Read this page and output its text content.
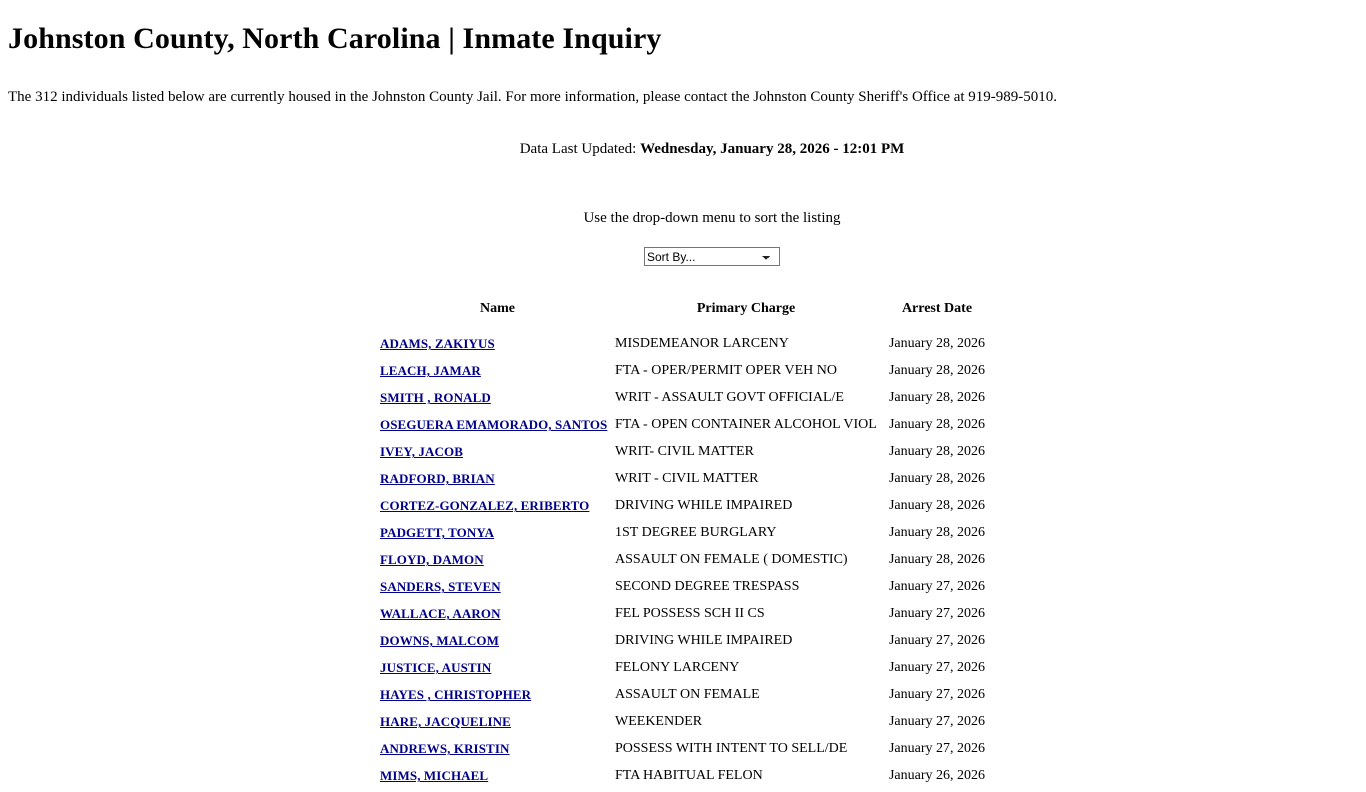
Johnston County, North Carolina | Inmate Inquiry

The 312 individuals listed below are currently housed in the Johnston County Jail. For more information, please contact the Johnston County Sheriff's Office at 919-989-5010.

Data Last Updated: Wednesday, January 28, 2026 - 12:01 PM

Use the drop-down menu to sort the listing
Sort By...
Name	Primary Charge	Arrest Date
ADAMS, ZAKIYUS	MISDEMEANOR LARCENY	January 28, 2026
LEACH, JAMAR	FTA - OPER/PERMIT OPER VEH NO	January 28, 2026
SMITH , RONALD	WRIT - ASSAULT GOVT OFFICIAL/E	January 28, 2026
OSEGUERA EMAMORADO, SANTOS	FTA - OPEN CONTAINER ALCOHOL VIOL	January 28, 2026
IVEY, JACOB	WRIT- CIVIL MATTER	January 28, 2026
RADFORD, BRIAN	WRIT - CIVIL MATTER	January 28, 2026
CORTEZ-GONZALEZ, ERIBERTO	DRIVING WHILE IMPAIRED	January 28, 2026
PADGETT, TONYA	1ST DEGREE BURGLARY	January 28, 2026
FLOYD, DAMON	ASSAULT ON FEMALE ( DOMESTIC)	January 28, 2026
SANDERS, STEVEN	SECOND DEGREE TRESPASS	January 27, 2026
WALLACE, AARON	FEL POSSESS SCH II CS	January 27, 2026
DOWNS, MALCOM	DRIVING WHILE IMPAIRED	January 27, 2026
JUSTICE, AUSTIN	FELONY LARCENY	January 27, 2026
HAYES , CHRISTOPHER	ASSAULT ON FEMALE	January 27, 2026
HARE, JACQUELINE	WEEKENDER	January 27, 2026
ANDREWS, KRISTIN	POSSESS WITH INTENT TO SELL/DE	January 27, 2026
MIMS, MICHAEL	FTA HABITUAL FELON	January 26, 2026
